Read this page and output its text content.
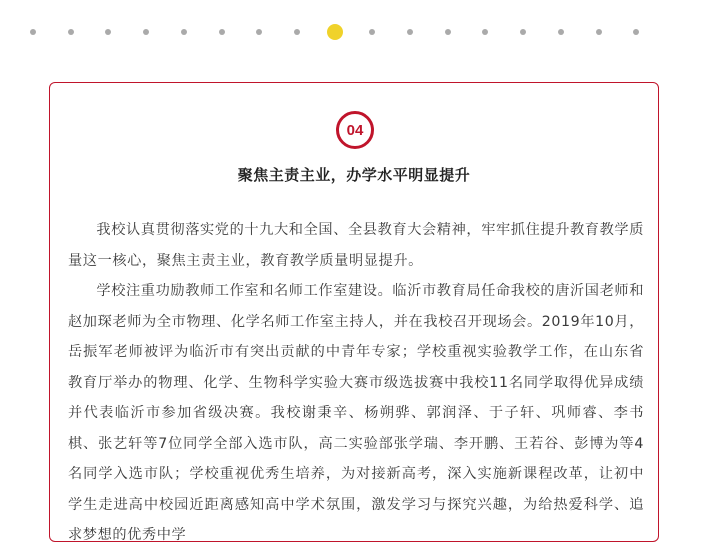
04
聚焦主责主业，办学水平明显提升

我校认真贯彻落实党的十九大和全国、全县教育大会精神，牢牢抓住提升教育教学质量这一核心，聚焦主责主业，教育教学质量明显提升。

学校注重功励教师工作室和名师工作室建设。临沂市教育局任命我校的唐沂国老师和赵加琛老师为全市物理、化学名师工作室主持人，并在我校召开现场会。2019年10月，岳振军老师被评为临沂市有突出贡献的中青年专家；学校重视实验教学工作，在山东省教育厅举办的物理、化学、生物科学实验大赛市级选拔赛中我校11名同学取得优异成绩并代表临沂市参加省级决赛。我校谢秉辛、杨朔骅、郭润泽、于子轩、巩师睿、李书棋、张艺轩等7位同学全部入选市队，高二实验部张学瑞、李开鹏、王若谷、彭博为等4名同学入选市队；学校重视优秀生培养，为对接新高考，深入实施新课程改革，让初中学生走进高中校园近距离感知高中学术氛围，激发学习与探究兴趣，为给热爱科学、追求梦想的优秀中学
